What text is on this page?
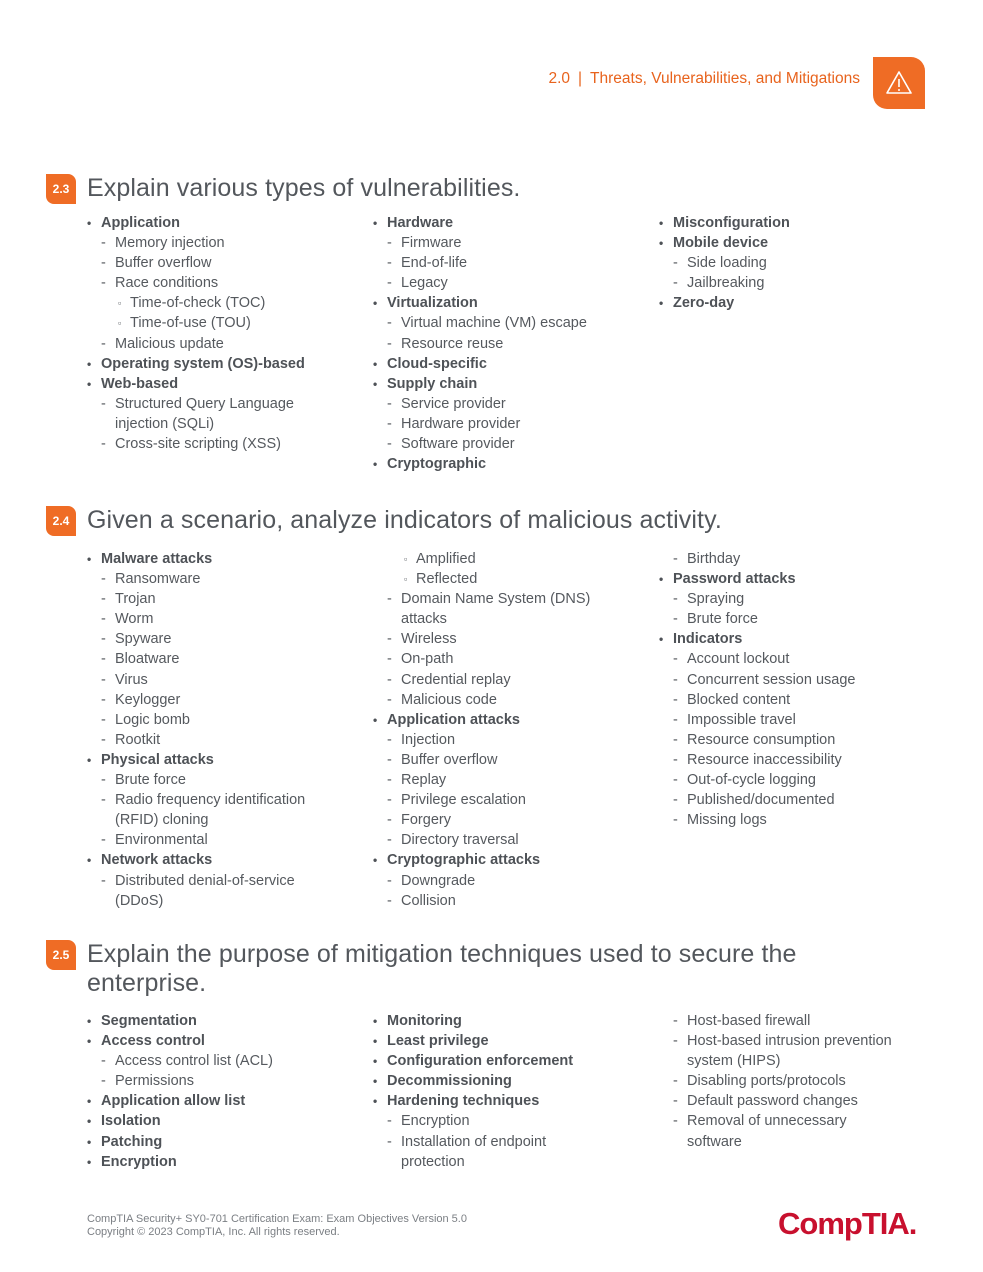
2.0 | Threats, Vulnerabilities, and Mitigations
2.3 Explain various types of vulnerabilities.
• Application
- Memory injection
- Buffer overflow
- Race conditions
▫ Time-of-check (TOC)
▫ Time-of-use (TOU)
- Malicious update
• Operating system (OS)-based
• Web-based
- Structured Query Language
injection (SQLi)
- Cross-site scripting (XSS)
• Hardware
- Firmware
- End-of-life
- Legacy
• Virtualization
- Virtual machine (VM) escape
- Resource reuse
• Cloud-specific
• Supply chain
- Service provider
- Hardware provider
- Software provider
• Cryptographic
• Misconfiguration
• Mobile device
- Side loading
- Jailbreaking
• Zero-day
2.4 Given a scenario, analyze indicators of malicious activity.
• Malware attacks
- Ransomware
- Trojan
- Worm
- Spyware
- Bloatware
- Virus
- Keylogger
- Logic bomb
- Rootkit
• Physical attacks
- Brute force
- Radio frequency identification
(RFID) cloning
- Environmental
• Network attacks
- Distributed denial-of-service
(DDoS)
▫ Amplified
▫ Reflected
- Domain Name System (DNS)
attacks
- Wireless
- On-path
- Credential replay
- Malicious code
• Application attacks
- Injection
- Buffer overflow
- Replay
- Privilege escalation
- Forgery
- Directory traversal
• Cryptographic attacks
- Downgrade
- Collision
- Birthday
• Password attacks
- Spraying
- Brute force
• Indicators
- Account lockout
- Concurrent session usage
- Blocked content
- Impossible travel
- Resource consumption
- Resource inaccessibility
- Out-of-cycle logging
- Published/documented
- Missing logs
2.5 Explain the purpose of mitigation techniques used to secure the
enterprise.
• Segmentation
• Access control
- Access control list (ACL)
- Permissions
• Application allow list
• Isolation
• Patching
• Encryption
• Monitoring
• Least privilege
• Configuration enforcement
• Decommissioning
• Hardening techniques
- Encryption
- Installation of endpoint
protection
- Host-based firewall
- Host-based intrusion prevention
system (HIPS)
- Disabling ports/protocols
- Default password changes
- Removal of unnecessary
software
CompTIA Security+ SY0-701 Certification Exam: Exam Objectives Version 5.0
Copyright © 2023 CompTIA, Inc. All rights reserved.	CompTIA.
